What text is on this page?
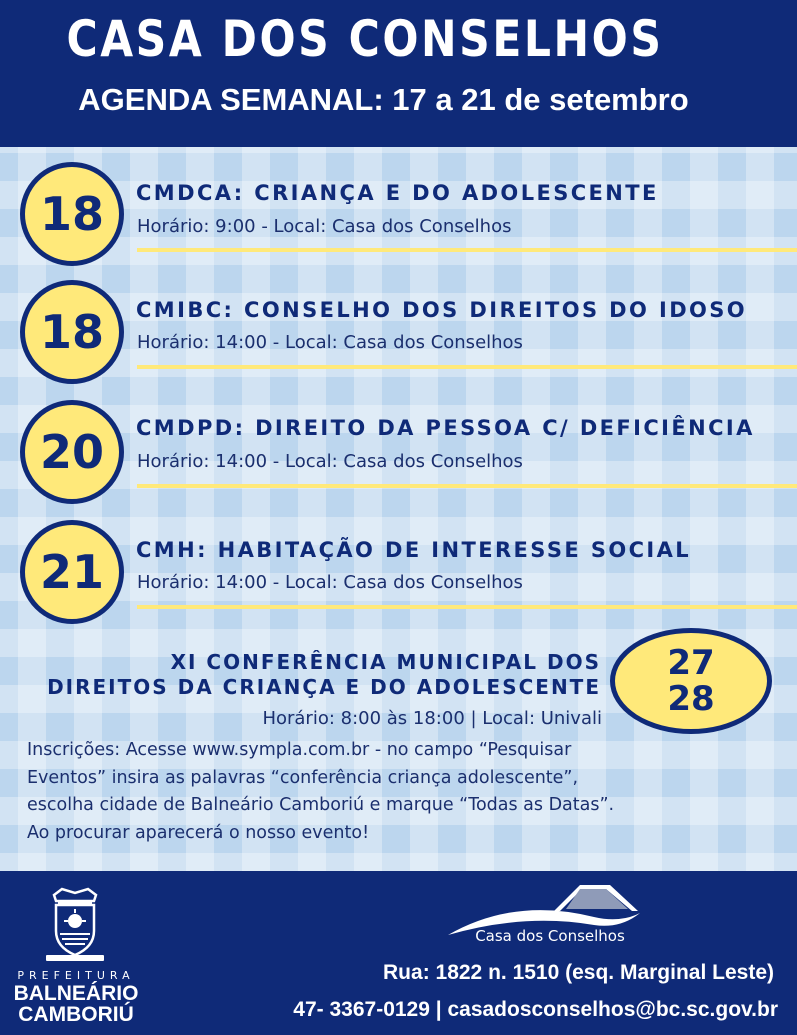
CASA DOS CONSELHOS
AGENDA SEMANAL: 17 a 21 de setembro
18	CMDCA: CRIANÇA E DO ADOLESCENTE
Horário: 9:00 - Local: Casa dos Conselhos
18	CMIBC: CONSELHO DOS DIREITOS DO IDOSO
Horário: 14:00 - Local: Casa dos Conselhos
20	CMDPD: DIREITO DA PESSOA C/ DEFICIÊNCIA
Horário: 14:00 - Local: Casa dos Conselhos
21	CMH: HABITAÇÃO DE INTERESSE SOCIAL
Horário: 14:00 - Local: Casa dos Conselhos
XI CONFERÊNCIA MUNICIPAL DOS
DIREITOS DA CRIANÇA E DO ADOLESCENTE
27
28
Horário: 8:00 às 18:00 | Local: Univali
Inscrições: Acesse www.sympla.com.br - no campo “Pesquisar
Eventos” insira as palavras “conferência criança adolescente”,
escolha cidade de Balneário Camboriú e marque “Todas as Datas”.
Ao procurar aparecerá o nosso evento!
PREFEITURA
BALNEÁRIO
CAMBORIÚ
Casa dos Conselhos
Rua: 1822 n. 1510 (esq. Marginal Leste)
47- 3367-0129 | casadosconselhos@bc.sc.gov.br
